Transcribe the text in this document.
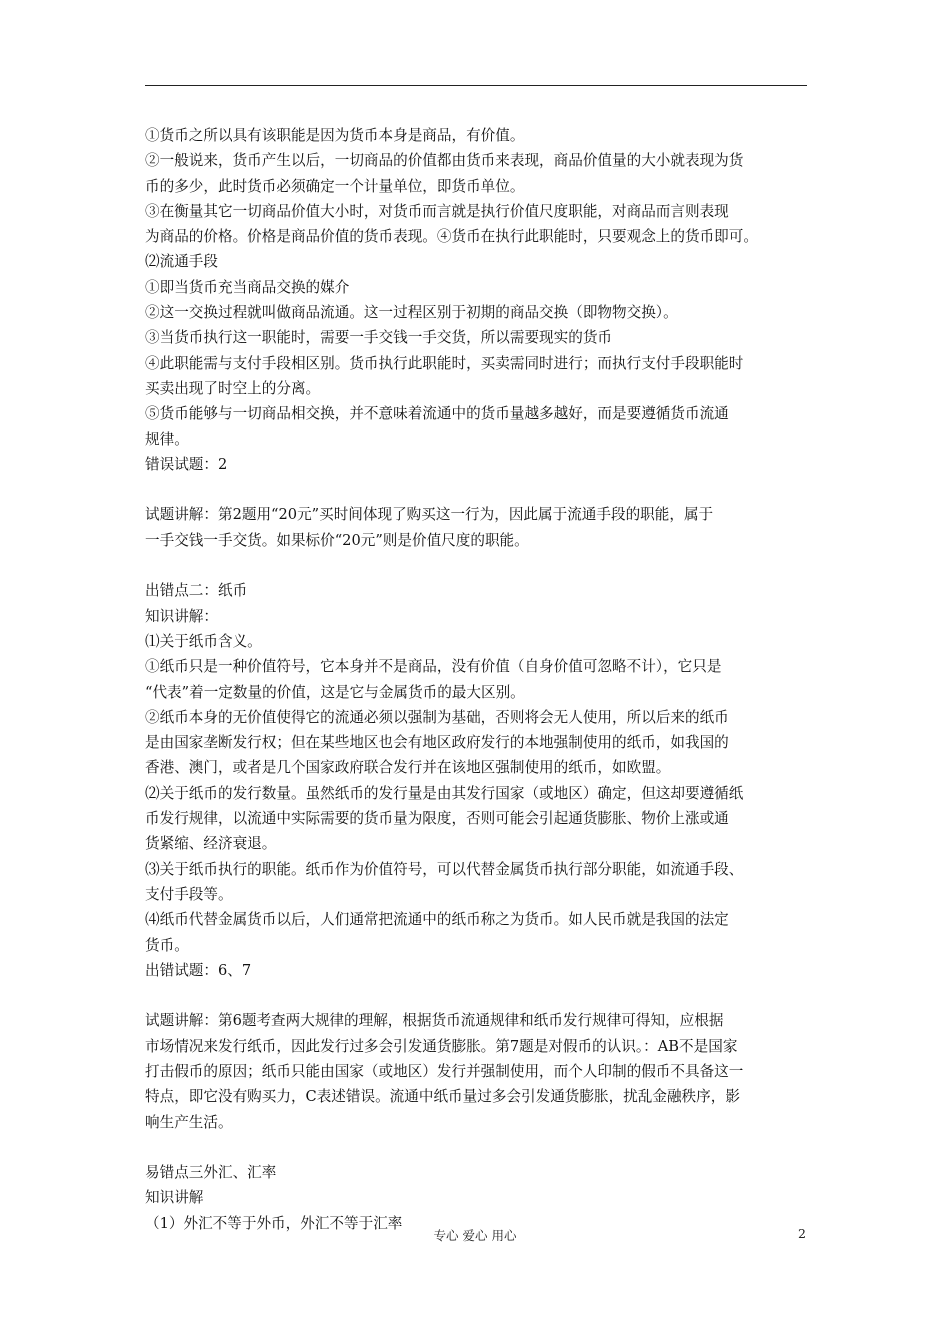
①货币之所以具有该职能是因为货币本身是商品，有价值。
②一般说来，货币产生以后，一切商品的价值都由货币来表现，商品价值量的大小就表现为货
币的多少，此时货币必须确定一个计量单位，即货币单位。
③在衡量其它一切商品价值大小时，对货币而言就是执行价值尺度职能，对商品而言则表现
为商品的价格。价格是商品价值的货币表现。④货币在执行此职能时，只要观念上的货币即可。
⑵流通手段
①即当货币充当商品交换的媒介
②这一交换过程就叫做商品流通。这一过程区别于初期的商品交换（即物物交换）。
③当货币执行这一职能时，需要一手交钱一手交货，所以需要现实的货币
④此职能需与支付手段相区别。货币执行此职能时，买卖需同时进行；而执行支付手段职能时
买卖出现了时空上的分离。
⑤货币能够与一切商品相交换，并不意味着流通中的货币量越多越好，而是要遵循货币流通
规律。
错误试题：2
试题讲解：第2题用“20元”买时间体现了购买这一行为，因此属于流通手段的职能，属于
一手交钱一手交货。如果标价“20元”则是价值尺度的职能。
出错点二：纸币
知识讲解：
⑴关于纸币含义。
①纸币只是一种价值符号，它本身并不是商品，没有价值（自身价值可忽略不计），它只是
“代表”着一定数量的价值，这是它与金属货币的最大区别。
②纸币本身的无价值使得它的流通必须以强制为基础，否则将会无人使用，所以后来的纸币
是由国家垄断发行权；但在某些地区也会有地区政府发行的本地强制使用的纸币，如我国的
香港、澳门，或者是几个国家政府联合发行并在该地区强制使用的纸币，如欧盟。
⑵关于纸币的发行数量。虽然纸币的发行量是由其发行国家（或地区）确定，但这却要遵循纸
币发行规律，以流通中实际需要的货币量为限度，否则可能会引起通货膨胀、物价上涨或通
货紧缩、经济衰退。
⑶关于纸币执行的职能。纸币作为价值符号，可以代替金属货币执行部分职能，如流通手段、
支付手段等。
⑷纸币代替金属货币以后，人们通常把流通中的纸币称之为货币。如人民币就是我国的法定
货币。
出错试题：6、7
试题讲解：第6题考查两大规律的理解，根据货币流通规律和纸币发行规律可得知，应根据
市场情况来发行纸币，因此发行过多会引发通货膨胀。第7题是对假币的认识。：AB不是国家
打击假币的原因；纸币只能由国家（或地区）发行并强制使用，而个人印制的假币不具备这一
特点，即它没有购买力，C表述错误。流通中纸币量过多会引发通货膨胀，扰乱金融秩序，影
响生产生活。
易错点三外汇、汇率
知识讲解
（1）外汇不等于外币，外汇不等于汇率
专心 爱心 用心	2
